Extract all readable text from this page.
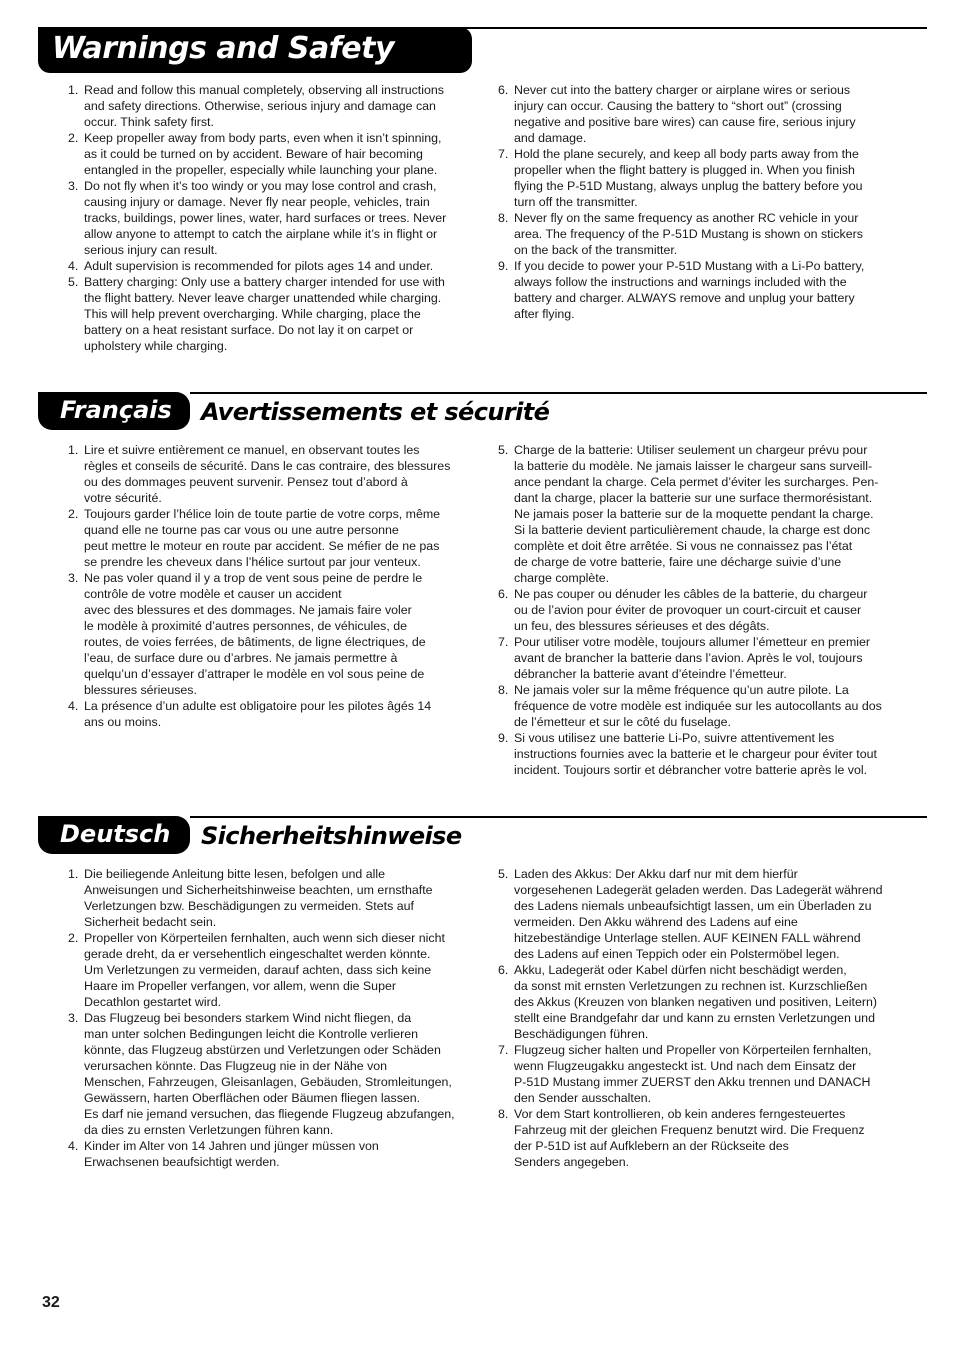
Warnings and Safety
1. Read and follow this manual completely, observing all instructions
and safety directions. Otherwise, serious injury and damage can
occur. Think safety first.
2. Keep propeller away from body parts, even when it isn’t spinning,
as it could be turned on by accident. Beware of hair becoming
entangled in the propeller, especially while launching your plane.
3. Do not fly when it’s too windy or you may lose control and crash,
causing injury or damage. Never fly near people, vehicles, train
tracks, buildings, power lines, water, hard surfaces or trees. Never
allow anyone to attempt to catch the airplane while it’s in flight or
serious injury can result.
4. Adult supervision is recommended for pilots ages 14 and under.
5. Battery charging: Only use a battery charger intended for use with
the flight battery. Never leave charger unattended while charging.
This will help prevent overcharging. While charging, place the
battery on a heat resistant surface. Do not lay it on carpet or
upholstery while charging.
6. Never cut into the battery charger or airplane wires or serious
injury can occur. Causing the battery to “short out” (crossing
negative and positive bare wires) can cause fire, serious injury
and damage.
7. Hold the plane securely, and keep all body parts away from the
propeller when the flight battery is plugged in. When you finish
flying the P-51D Mustang, always unplug the battery before you
turn off the transmitter.
8. Never fly on the same frequency as another RC vehicle in your
area. The frequency of the P-51D Mustang is shown on stickers
on the back of the transmitter.
9. If you decide to power your P-51D Mustang with a Li-Po battery,
always follow the instructions and warnings included with the
battery and charger. ALWAYS remove and unplug your battery
after flying.
Français Avertissements et sécurité
1. Lire et suivre entièrement ce manuel, en observant toutes les
règles et conseils de sécurité. Dans le cas contraire, des blessures
ou des dommages peuvent survenir. Pensez tout d’abord à
votre sécurité.
2. Toujours garder l’hélice loin de toute partie de votre corps, même
quand elle ne tourne pas car vous ou une autre personne
peut mettre le moteur en route par accident. Se méfier de ne pas
se prendre les cheveux dans l’hélice surtout par jour venteux.
3. Ne pas voler quand il y a trop de vent sous peine de perdre le
contrôle de votre modèle et causer un accident
avec des blessures et des dommages. Ne jamais faire voler
le modèle à proximité d’autres personnes, de véhicules, de
routes, de voies ferrées, de bâtiments, de ligne électriques, de
l’eau, de surface dure ou d’arbres. Ne jamais permettre à
quelqu’un d’essayer d’attraper le modèle en vol sous peine de
blessures sérieuses.
4. La présence d’un adulte est obligatoire pour les pilotes âgés 14
ans ou moins.
5. Charge de la batterie: Utiliser seulement un chargeur prévu pour
la batterie du modèle. Ne jamais laisser le chargeur sans surveill-
ance pendant la charge. Cela permet d’éviter les surcharges. Pen-
dant la charge, placer la batterie sur une surface thermorésistant.
Ne jamais poser la batterie sur de la moquette pendant la charge.
Si la batterie devient particulièrement chaude, la charge est donc
complète et doit être arrêtée. Si vous ne connaissez pas l’état
de charge de votre batterie, faire une décharge suivie d’une
charge complète.
6. Ne pas couper ou dénuder les câbles de la batterie, du chargeur
ou de l’avion pour éviter de provoquer un court-circuit et causer
un feu, des blessures sérieuses et des dégâts.
7. Pour utiliser votre modèle, toujours allumer l’émetteur en premier
avant de brancher la batterie dans l’avion. Après le vol, toujours
débrancher la batterie avant d’éteindre l’émetteur.
8. Ne jamais voler sur la même fréquence qu’un autre pilote. La
fréquence de votre modèle est indiquée sur les autocollants au dos
de l’émetteur et sur le côté du fuselage.
9. Si vous utilisez une batterie Li-Po, suivre attentivement les
instructions fournies avec la batterie et le chargeur pour éviter tout
incident. Toujours sortir et débrancher votre batterie après le vol.
Deutsch Sicherheitshinweise
1. Die beiliegende Anleitung bitte lesen, befolgen und alle
Anweisungen und Sicherheitshinweise beachten, um ernsthafte
Verletzungen bzw. Beschädigungen zu vermeiden. Stets auf
Sicherheit bedacht sein.
2. Propeller von Körperteilen fernhalten, auch wenn sich dieser nicht
gerade dreht, da er versehentlich eingeschaltet werden könnte.
Um Verletzungen zu vermeiden, darauf achten, dass sich keine
Haare im Propeller verfangen, vor allem, wenn die Super
Decathlon gestartet wird.
3. Das Flugzeug bei besonders starkem Wind nicht fliegen, da
man unter solchen Bedingungen leicht die Kontrolle verlieren
könnte, das Flugzeug abstürzen und Verletzungen oder Schäden
verursachen könnte. Das Flugzeug nie in der Nähe von
Menschen, Fahrzeugen, Gleisanlagen, Gebäuden, Stromleitungen,
Gewässern, harten Oberflächen oder Bäumen fliegen lassen.
Es darf nie jemand versuchen, das fliegende Flugzeug abzufangen,
da dies zu ernsten Verletzungen führen kann.
4. Kinder im Alter von 14 Jahren und jünger müssen von
Erwachsenen beaufsichtigt werden.
5. Laden des Akkus: Der Akku darf nur mit dem hierfür
vorgesehenen Ladegerät geladen werden. Das Ladegerät während
des Ladens niemals unbeaufsichtigt lassen, um ein Überladen zu
vermeiden. Den Akku während des Ladens auf eine
hitzebeständige Unterlage stellen. AUF KEINEN FALL während
des Ladens auf einen Teppich oder ein Polstermöbel legen.
6. Akku, Ladegerät oder Kabel dürfen nicht beschädigt werden,
da sonst mit ernsten Verletzungen zu rechnen ist. Kurzschließen
des Akkus (Kreuzen von blanken negativen und positiven, Leitern)
stellt eine Brandgefahr dar und kann zu ernsten Verletzungen und
Beschädigungen führen.
7. Flugzeug sicher halten und Propeller von Körperteilen fernhalten,
wenn Flugzeugakku angesteckt ist. Und nach dem Einsatz der
P-51D Mustang immer ZUERST den Akku trennen und DANACH
den Sender ausschalten.
8. Vor dem Start kontrollieren, ob kein anderes ferngesteuertes
Fahrzeug mit der gleichen Frequenz benutzt wird. Die Frequenz
der P-51D ist auf Aufklebern an der Rückseite des
Senders angegeben.
32
